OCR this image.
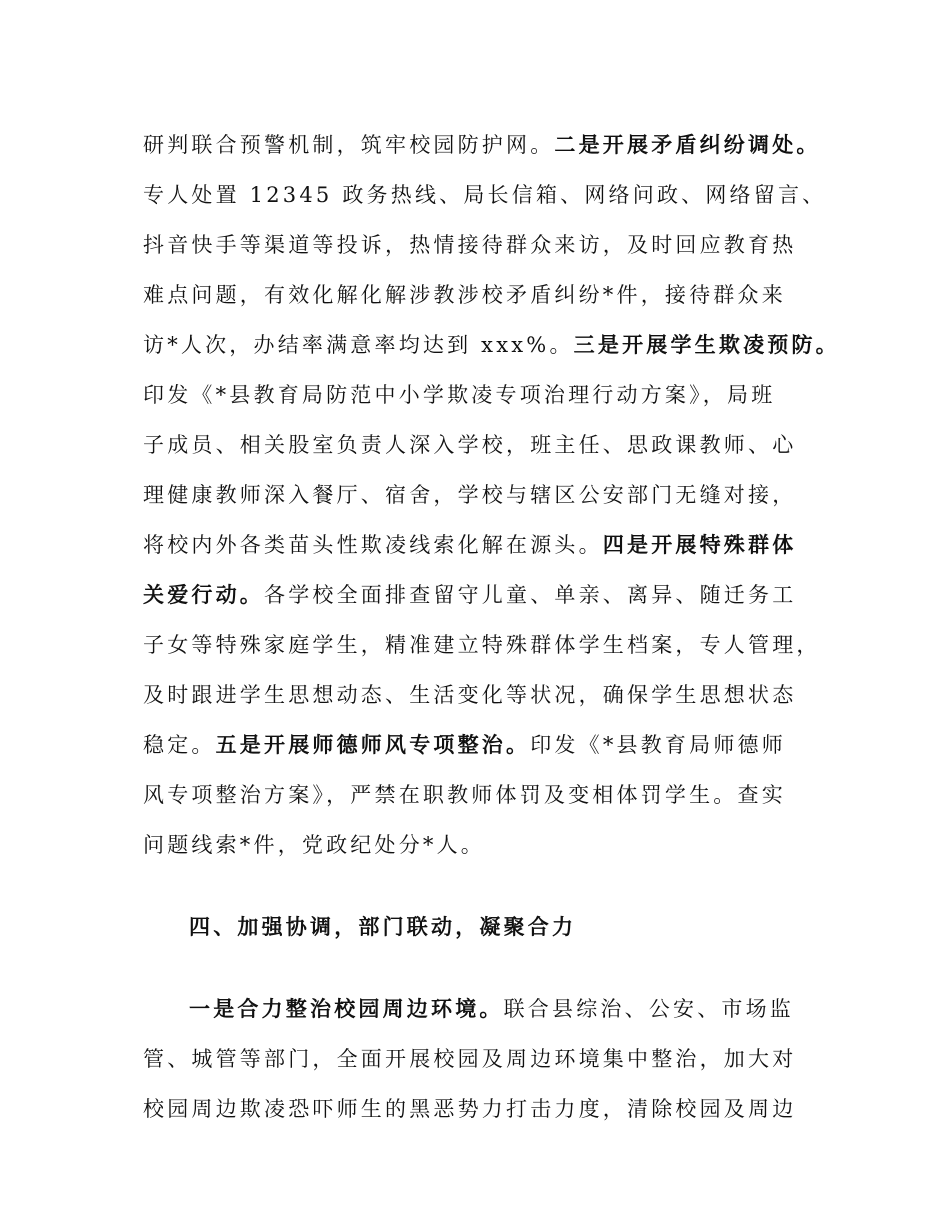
研判联合预警机制，筑牢校园防护网。二是开展矛盾纠纷调处。
专人处置 12345 政务热线、局长信箱、网络问政、网络留言、
抖音快手等渠道等投诉，热情接待群众来访，及时回应教育热
难点问题，有效化解化解涉教涉校矛盾纠纷*件，接待群众来
访*人次，办结率满意率均达到 xxx%。三是开展学生欺凌预防。
印发《*县教育局防范中小学欺凌专项治理行动方案》，局班
子成员、相关股室负责人深入学校，班主任、思政课教师、心
理健康教师深入餐厅、宿舍，学校与辖区公安部门无缝对接，
将校内外各类苗头性欺凌线索化解在源头。四是开展特殊群体
关爱行动。各学校全面排查留守儿童、单亲、离异、随迁务工
子女等特殊家庭学生，精准建立特殊群体学生档案，专人管理，
及时跟进学生思想动态、生活变化等状况，确保学生思想状态
稳定。五是开展师德师风专项整治。印发《*县教育局师德师
风专项整治方案》，严禁在职教师体罚及变相体罚学生。查实
问题线索*件，党政纪处分*人。
四、加强协调，部门联动，凝聚合力
一是合力整治校园周边环境。联合县综治、公安、市场监
管、城管等部门，全面开展校园及周边环境集中整治，加大对
校园周边欺凌恐吓师生的黑恶势力打击力度，清除校园及周边
